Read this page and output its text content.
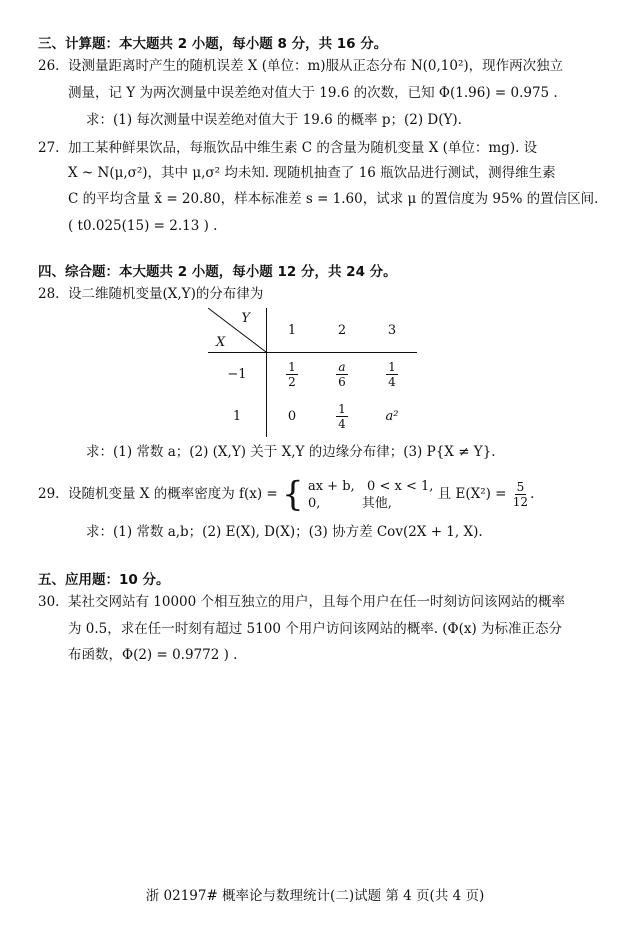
三、计算题：本大题共 2 小题，每小题 8 分，共 16 分。
26. 设测量距离时产生的随机误差 X (单位：m)服从正态分布 N(0,10²)，现作两次独立
测量，记 Y 为两次测量中误差绝对值大于 19.6 的次数，已知 Φ(1.96) = 0.975 .
求：(1) 每次测量中误差绝对值大于 19.6 的概率 p；(2) D(Y).
27. 加工某种鲜果饮品，每瓶饮品中维生素 C 的含量为随机变量 X (单位：mg). 设
X ~ N(μ,σ²)，其中 μ,σ² 均未知. 现随机抽查了 16 瓶饮品进行测试，测得维生素
C 的平均含量 x̄ = 20.80，样本标准差 s = 1.60，试求 μ 的置信度为 95% 的置信区间.
( t0.025(15) = 2.13 ) .
四、综合题：本大题共 2 小题，每小题 12 分，共 24 分。
28. 设二维随机变量(X,Y)的分布律为
Y
X	1	2	3
−1	$\frac{1}{2}$	$\frac{a}{6}$	$\frac{1}{4}$

1	0	$\frac{1}{4}$	a²
求：(1) 常数 a；(2) (X,Y) 关于 X,Y 的边缘分布律；(3) P{X ≠ Y}.
29. 设随机变量 X 的概率密度为 f(x) = { ax + b,   0 < x < 1,
0,          其他,
且 $E(X^2) = \frac{5}{12}$ .
求：(1) 常数 a,b；(2) E(X), D(X)；(3) 协方差 Cov(2X + 1, X).
五、应用题：10 分。
30. 某社交网站有 10000 个相互独立的用户，且每个用户在任一时刻访问该网站的概率
为 0.5，求在任一时刻有超过 5100 个用户访问该网站的概率. (Φ(x) 为标准正态分
布函数，Φ(2) = 0.9772 ) .
浙 02197# 概率论与数理统计(二)试题 第 4 页(共 4 页)
